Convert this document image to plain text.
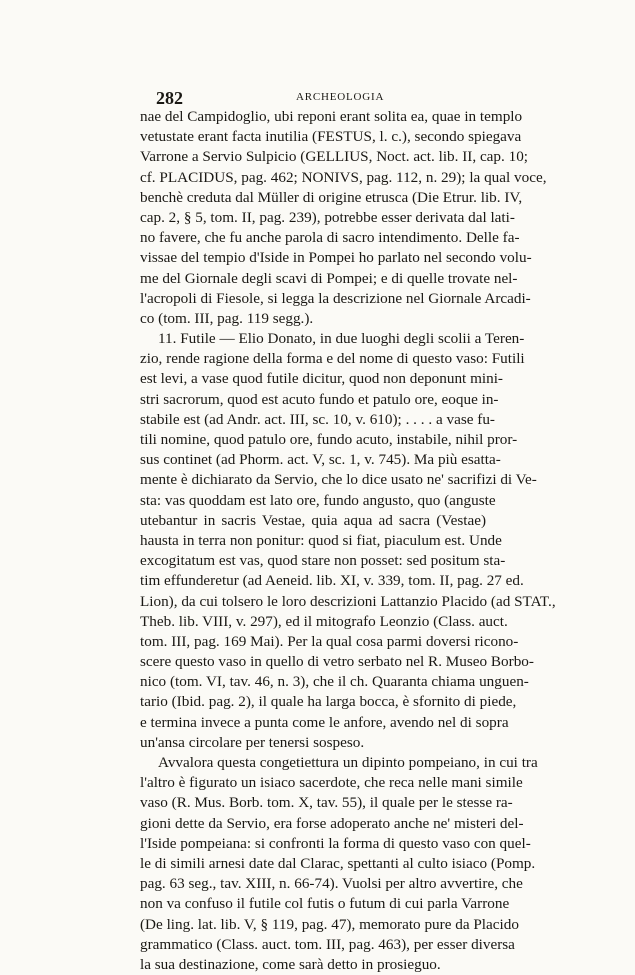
282	ARCHEOLOGIA
nae del Campidoglio, ubi reponi erant solita ea, quae in templo
vetustate erant facta inutilia (FESTUS, l. c.), secondo spiegava
Varrone a Servio Sulpicio (GELLIUS, Noct. act. lib. II, cap. 10;
cf. PLACIDUS, pag. 462; NONIVS, pag. 112, n. 29); la qual voce,
benchè creduta dal Müller di origine etrusca (Die Etrur. lib. IV,
cap. 2, § 5, tom. II, pag. 239), potrebbe esser derivata dal lati-
no favere, che fu anche parola di sacro intendimento. Delle fa-
vissae del tempio d'Iside in Pompei ho parlato nel secondo volu-
me del Giornale degli scavi di Pompei; e di quelle trovate nel-
l'acropoli di Fiesole, si legga la descrizione nel Giornale Arcadi-
co (tom. III, pag. 119 segg.).
11. Futile — Elio Donato, in due luoghi degli scolii a Teren-
zio, rende ragione della forma e del nome di questo vaso: Futili
est levi, a vase quod futile dicitur, quod non deponunt mini-
stri sacrorum, quod est acuto fundo et patulo ore, eoque in-
stabile est (ad Andr. act. III, sc. 10, v. 610); . . . . a vase fu-
tili nomine, quod patulo ore, fundo acuto, instabile, nihil pror-
sus continet (ad Phorm. act. V, sc. 1, v. 745). Ma più esatta-
mente è dichiarato da Servio, che lo dice usato ne' sacrifizi di Ve-
sta: vas quoddam est lato ore, fundo angusto, quo (anguste
utebantur in sacris Vestae, quia aqua ad sacra (Vestae)
hausta in terra non ponitur: quod si fiat, piaculum est. Unde
excogitatum est vas, quod stare non posset: sed positum sta-
tim effunderetur (ad Aeneid. lib. XI, v. 339, tom. II, pag. 27 ed.
Lion), da cui tolsero le loro descrizioni Lattanzio Placido (ad STAT.,
Theb. lib. VIII, v. 297), ed il mitografo Leonzio (Class. auct.
tom. III, pag. 169 Mai). Per la qual cosa parmi doversi ricono-
scere questo vaso in quello di vetro serbato nel R. Museo Borbo-
nico (tom. VI, tav. 46, n. 3), che il ch. Quaranta chiama unguen-
tario (Ibid. pag. 2), il quale ha larga bocca, è sfornito di piede,
e termina invece a punta come le anfore, avendo nel di sopra
un'ansa circolare per tenersi sospeso.
Avvalora questa congetiettura un dipinto pompeiano, in cui tra
l'altro è figurato un isiaco sacerdote, che reca nelle mani simile
vaso (R. Mus. Borb. tom. X, tav. 55), il quale per le stesse ra-
gioni dette da Servio, era forse adoperato anche ne' misteri del-
l'Iside pompeiana: si confronti la forma di questo vaso con quel-
le di simili arnesi date dal Clarac, spettanti al culto isiaco (Pomp.
pag. 63 seg., tav. XIII, n. 66-74). Vuolsi per altro avvertire, che
non va confuso il futile col futis o futum di cui parla Varrone
(De ling. lat. lib. V, § 119, pag. 47), memorato pure da Placido
grammatico (Class. auct. tom. III, pag. 463), per esser diversa
la sua destinazione, come sarà detto in prosieguo.
